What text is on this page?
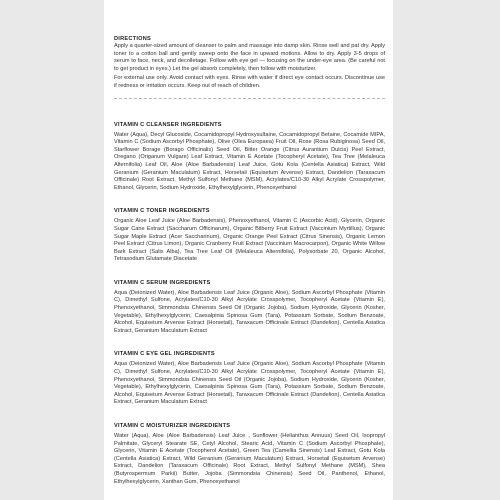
DIRECTIONS

Apply a quarter-sized amount of cleanser to palm and massage into damp skin. Rinse well and pat dry. Apply toner to a cotton ball and gently sweep onto the face in upward motions. Allow to dry. Apply 3-5 drops of serum to face, neck, and decolletage. Follow with eye gel — focusing on the under-eye area. (Be careful not to get product in eyes.) Let the gel absorb completely, then follow with moisturizer.

For external use only. Avoid contact with eyes. Rinse with water if direct eye contact occurs. Discontinue use if redness or irritation occurs. Keep out of reach of children.

VITAMIN C CLEANSER INGREDIENTS

Water (Aqua), Decyl Glucoside, Cocamidopropyl Hydroxysultaine, Cocamidopropyl Betaine, Cocamide MIPA, Vitamin C (Sodium Ascorbyl Phosphate), Olive (Olea Europaea) Fruit Oil, Rose (Rosa Rubiginosa) Seed Oil, Starflower Borage (Borago Officinalis) Seed Oil, Bitter Orange (Citrus Aurantium Dulcis) Peel Extract, Oregano (Origanum Vulgare) Leaf Extract, Vitamin E Acetate (Tocopheryl Acetate), Tea Tree (Melaleuca Alternifolia) Leaf Oil, Aloe (Aloe Barbadensis) Leaf Juice, Gotu Kola (Centella Asiatica) Extract, Wild Geranium (Geranium Maculatum) Extract, Horsetail (Equisetum Arvense) Extract, Dandelion (Taraxacum Officinale) Root Extract, Methyl Sulfonyl Methane (MSM), Acrylates/C10-30 Alkyl Acrylate Crosspolymer, Ethanol, Glycerin, Sodium Hydroxide, Ethylhexylglycerin, Phenoxyethanol

VITAMIN C TONER INGREDIENTS

Organic Aloe Leaf Juice (Aloe Barbadensis), Phenoxyethanol, Vitamin C (Ascorbic Acid), Glycerin, Organic Sugar Cane Extract (Saccharum Officinarum), Organic Bilberry Fruit Extract (Vaccinium Myrtillus), Organic Sugar Maple Extract (Acer Saccharinum), Organic Orange Peel Extract (Citrus Sinensis), Organic Lemon Peel Extract (Citrus Limon), Organic Cranberry Fruit Extract (Vaccinium Macrocarpon), Organic White Willow Bark Extract (Salix Alba), Tea Tree Leaf Oil (Melaleuca Alternifolia), Polysorbate 20, Organic Alcohol, Tetrasodium Glutamate Diacetate

VITAMIN C SERUM INGREDIENTS

Aqua (Deionized Water), Aloe Barbadensis Leaf Juice (Organic Aloe), Sodium Ascorbyl Phosphate (Vitamin C), Dimethyl Sulfone, Acrylates/C10-30 Alkyl Acrylate Crosspolymer, Tocopheryl Acetate (Vitamin E), Phenoxyethanol, Simmondsia Chinensis Seed Oil (Organic Jojoba), Sodium Hydroxide, Glycerin (Kosher, Vegetable), Ethylhexylglycerin, Caesalpinia Spinosa Gum (Tara), Potassium Sorbate, Sodium Benzoate, Alcohol, Equisetum Arvense Extract (Horsetail), Taraxacum Officinale Extract (Dandelion), Centella Asiatica Extract, Geranium Maculatum Extract

VITAMIN C EYE GEL INGREDIENTS

Aqua (Deionized Water), Aloe Barbadensis Leaf Juice (Organic Aloe), Sodium Ascorbyl Phosphate (Vitamin C), Dimethyl Sulfone, Acrylates/C10-30 Alkyl Acrylate Crosspolymer, Tocopheryl Acetate (Vitamin E), Phenoxyethanol, Simmondsia Chinensis Seed Oil (Organic Jojoba), Sodium Hydroxide, Glycerin (Kosher, Vegetable), Ethylhexylglycerin, Caesalpinia Spinosa Gum (Tara), Potassium Sorbate, Sodium Benzoate, Alcohol, Equisetum Arvense Extract (Horsetail), Taraxacum Officinale Extract (Dandelion), Centella Asiatica Extract, Geranium Maculatum Extract

VITAMIN C MOISTURIZER INGREDIENTS

Water (Aqua), Aloe (Aloe Barbadensis) Leaf Juice , Sunflower (Helianthus Annuus) Seed Oil, Isopropyl Palmitate, Glyceryl Stearate SE, Cetyl Alcohol, Stearic Acid, Vitamin C (Sodium Ascorbyl Phosphate), Glycerin, Vitamin E Acetate (Tocopherol Acetate), Green Tea (Camellia Sinensis) Leaf Extract, Gotu Kola (Centella Asiatica) Extract, Wild Geranium (Geranium Maculatum) Extract, Horsetail (Equisetum Arvense) Extract, Dandelion (Taraxacum Officinale) Root Extract, Methyl Sulfonyl Methane (MSM), Shea (Butyrospermum Parkii) Butter, Jojoba (Simmondsia Chinensis) Seed Oil, Panthenol, Ethanol, Ethylhexylglycerin, Xanthan Gum, Phenoxyethanol
